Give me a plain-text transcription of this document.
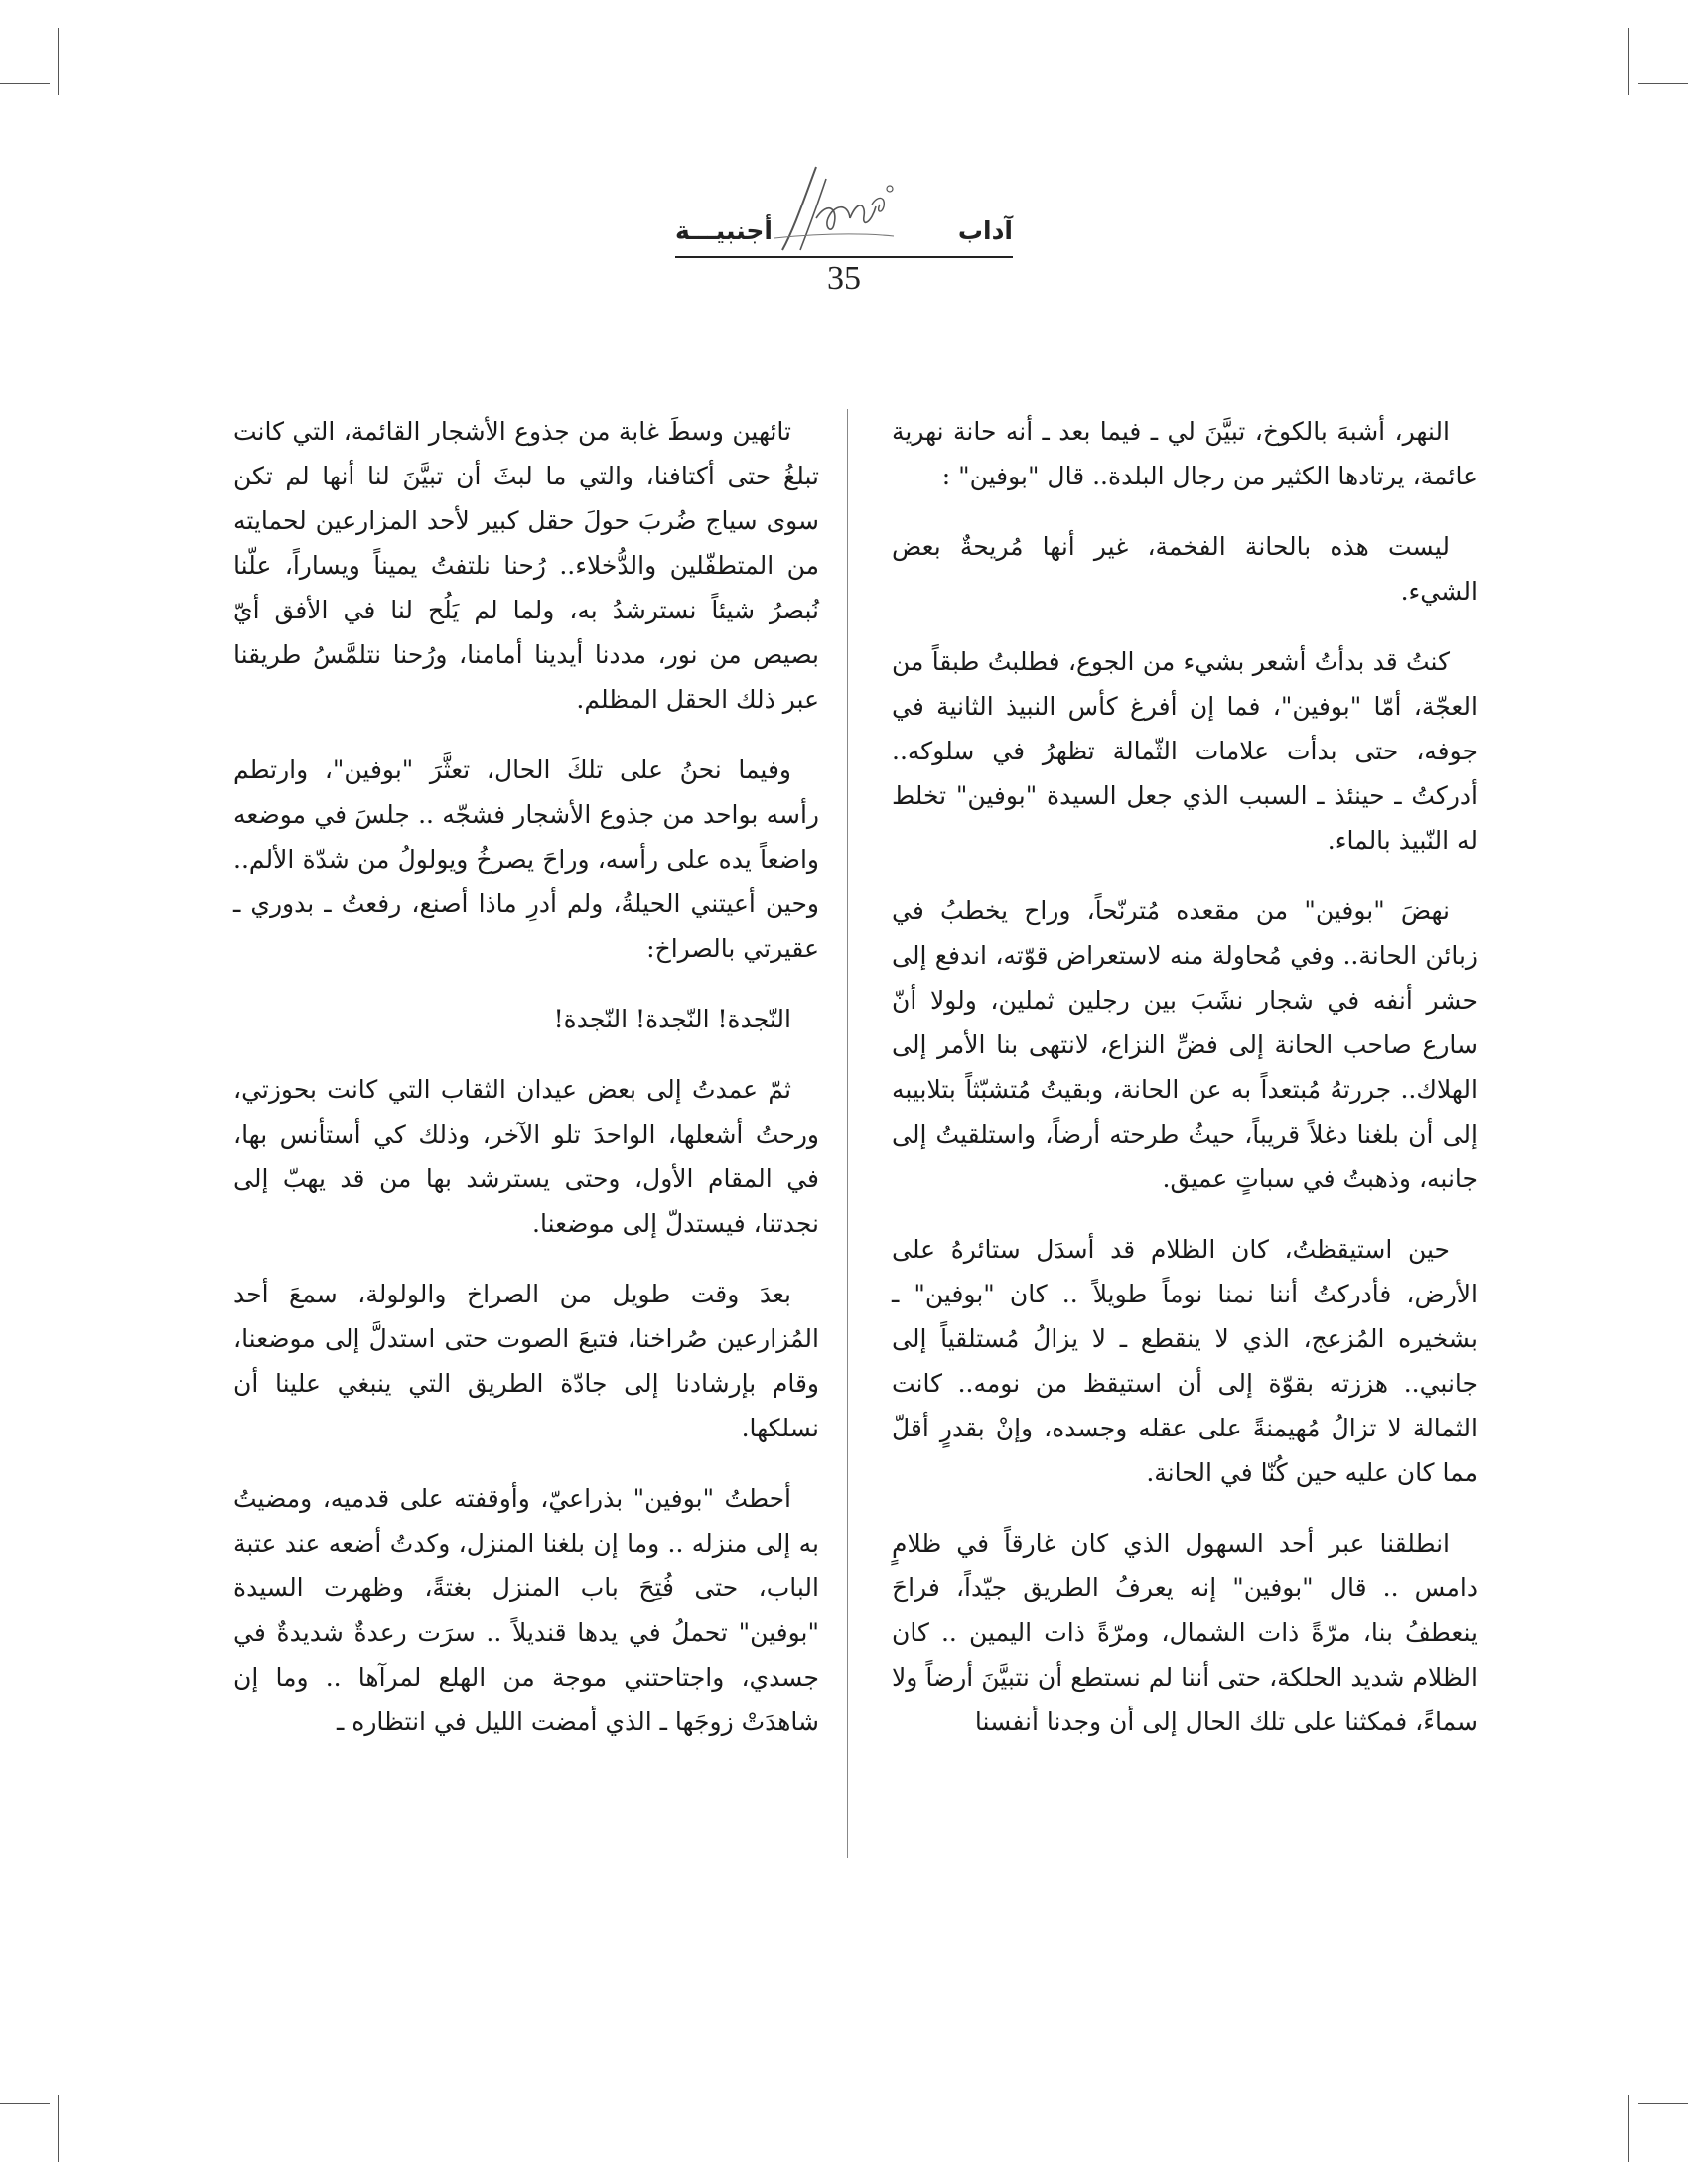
آداب
أجنبيـــة
35

النهر، أشبهَ بالكوخ، تبيَّنَ لي ـ فيما بعد ـ أنه حانة نهرية عائمة، يرتادها الكثير من رجال البلدة.. قال "بوفين" :

ليست هذه بالحانة الفخمة، غير أنها مُريحةٌ بعض الشيء.

كنتُ قد بدأتُ أشعر بشيء من الجوع، فطلبتُ طبقاً من العجّة، أمّا "بوفين"، فما إن أفرغ كأس النبيذ الثانية في جوفه، حتى بدأت علامات الثّمالة تظهرُ في سلوكه.. أدركتُ ـ حينئذ ـ السبب الذي جعل السيدة "بوفين" تخلط له النّبيذ بالماء.

نهضَ "بوفين" من مقعده مُترنّحاً، وراح يخطبُ في زبائن الحانة.. وفي مُحاولة منه لاستعراض قوّته، اندفع إلى حشر أنفه في شجار نشَبَ بين رجلين ثملين، ولولا أنّ سارع صاحب الحانة إلى فضِّ النزاع، لانتهى بنا الأمر إلى الهلاك.. جررتهُ مُبتعداً به عن الحانة، وبقيتُ مُتشبّثاً بتلابيبه إلى أن بلغنا دغلاً قريباً، حيثُ طرحته أرضاً، واستلقيتُ إلى جانبه، وذهبتُ في سباتٍ عميق.

حين استيقظتُ، كان الظلام قد أسدَل ستائرهُ على الأرض، فأدركتُ أننا نمنا نوماً طويلاً .. كان "بوفين" ـ بشخيره المُزعج، الذي لا ينقطع ـ لا يزالُ مُستلقياً إلى جانبي.. هززته بقوّة إلى أن استيقظ من نومه.. كانت الثمالة لا تزالُ مُهيمنةً على عقله وجسده، وإنْ بقدرٍ أقلّ مما كان عليه حين كُنّا في الحانة.

انطلقنا عبر أحد السهول الذي كان غارقاً في ظلامٍ دامس .. قال "بوفين" إنه يعرفُ الطريق جيّداً، فراحَ ينعطفُ بنا، مرّةً ذات الشمال، ومرّةً ذات اليمين .. كان الظلام شديد الحلكة، حتى أننا لم نستطع أن نتبيَّنَ أرضاً ولا سماءً، فمكثنا على تلك الحال إلى أن وجدنا أنفسنا

تائهين وسطَ غابة من جذوع الأشجار القائمة، التي كانت تبلغُ حتى أكتافنا، والتي ما لبثَ أن تبيَّنَ لنا أنها لم تكن سوى سياج ضُربَ حولَ حقل كبير لأحد المزارعين لحمايته من المتطفّلين والدُّخلاء.. رُحنا نلتفتُ يميناً ويساراً، علّنا نُبصرُ شيئاً نسترشدُ به، ولما لم يَلُح لنا في الأفق أيّ بصيص من نور، مددنا أيدينا أمامنا، ورُحنا نتلمَّسُ طريقنا عبر ذلك الحقل المظلم.

وفيما نحنُ على تلكَ الحال، تعثَّرَ "بوفين"، وارتطم رأسه بواحد من جذوع الأشجار فشجّه .. جلسَ في موضعه واضعاً يده على رأسه، وراحَ يصرخُ ويولولُ من شدّة الألم.. وحين أعيتني الحيلةُ، ولم أدرِ ماذا أصنع، رفعتُ ـ بدوري ـ عقيرتي بالصراخ:

النّجدة! النّجدة! النّجدة!

ثمّ عمدتُ إلى بعض عيدان الثقاب التي كانت بحوزتي، ورحتُ أشعلها، الواحدَ تلو الآخر، وذلك كي أستأنس بها، في المقام الأول، وحتى يسترشد بها من قد يهبّ إلى نجدتنا، فيستدلّ إلى موضعنا.

بعدَ وقت طويل من الصراخ والولولة، سمعَ أحد المُزارعين صُراخنا، فتبعَ الصوت حتى استدلَّ إلى موضعنا، وقام بإرشادنا إلى جادّة الطريق التي ينبغي علينا أن نسلكها.

أحطتُ "بوفين" بذراعيّ، وأوقفته على قدميه، ومضيتُ به إلى منزله .. وما إن بلغنا المنزل، وكدتُ أضعه عند عتبة الباب، حتى فُتِحَ باب المنزل بغتةً، وظهرت السيدة "بوفين" تحملُ في يدها قنديلاً .. سرَت رعدةٌ شديدةٌ في جسدي، واجتاحتني موجة من الهلع لمرآها .. وما إن شاهدَتْ زوجَها ـ الذي أمضت الليل في انتظاره ـ
